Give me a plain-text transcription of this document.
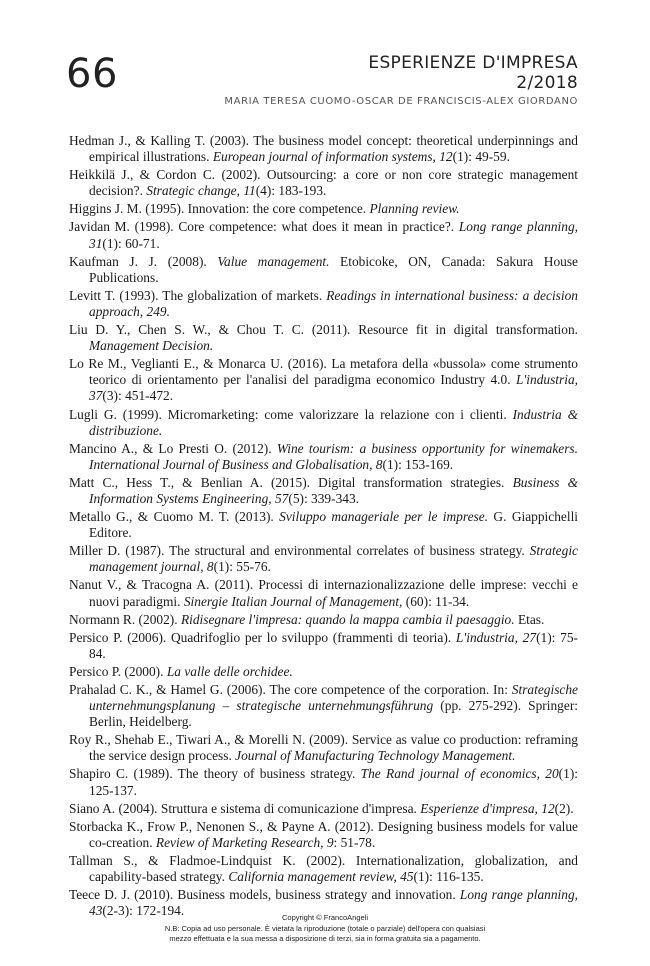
66	ESPERIENZE D'IMPRESA
2/2018
MARIA TERESA CUOMO-OSCAR DE FRANCISCIS-ALEX GIORDANO

Hedman J., & Kalling T. (2003). The business model concept: theoretical underpinnings and empirical illustrations. European journal of information systems, 12(1): 49-59.

Heikkilä J., & Cordon C. (2002). Outsourcing: a core or non core strategic management decision?. Strategic change, 11(4): 183-193.

Higgins J. M. (1995). Innovation: the core competence. Planning review.

Javidan M. (1998). Core competence: what does it mean in practice?. Long range planning, 31(1): 60-71.

Kaufman J. J. (2008). Value management. Etobicoke, ON, Canada: Sakura House Publications.

Levitt T. (1993). The globalization of markets. Readings in international business: a decision approach, 249.

Liu D. Y., Chen S. W., & Chou T. C. (2011). Resource fit in digital transformation. Management Decision.

Lo Re M., Veglianti E., & Monarca U. (2016). La metafora della «bussola» come strumento teorico di orientamento per l'analisi del paradigma economico Industry 4.0. L'industria, 37(3): 451-472.

Lugli G. (1999). Micromarketing: come valorizzare la relazione con i clienti. Industria & distribuzione.

Mancino A., & Lo Presti O. (2012). Wine tourism: a business opportunity for winemakers. International Journal of Business and Globalisation, 8(1): 153-169.

Matt C., Hess T., & Benlian A. (2015). Digital transformation strategies. Business & Information Systems Engineering, 57(5): 339-343.

Metallo G., & Cuomo M. T. (2013). Sviluppo manageriale per le imprese. G. Giappichelli Editore.

Miller D. (1987). The structural and environmental correlates of business strategy. Strategic management journal, 8(1): 55-76.

Nanut V., & Tracogna A. (2011). Processi di internazionalizzazione delle imprese: vecchi e nuovi paradigmi. Sinergie Italian Journal of Management, (60): 11-34.

Normann R. (2002). Ridisegnare l'impresa: quando la mappa cambia il paesaggio. Etas.

Persico P. (2006). Quadrifoglio per lo sviluppo (frammenti di teoria). L'industria, 27(1): 75-84.

Persico P. (2000). La valle delle orchidee.

Prahalad C. K., & Hamel G. (2006). The core competence of the corporation. In: Strategische unternehmungsplanung – strategische unternehmungsführung (pp. 275-292). Springer: Berlin, Heidelberg.

Roy R., Shehab E., Tiwari A., & Morelli N. (2009). Service as value co production: reframing the service design process. Journal of Manufacturing Technology Management.

Shapiro C. (1989). The theory of business strategy. The Rand journal of economics, 20(1): 125-137.

Siano A. (2004). Struttura e sistema di comunicazione d'impresa. Esperienze d'impresa, 12(2).

Storbacka K., Frow P., Nenonen S., & Payne A. (2012). Designing business models for value co-creation. Review of Marketing Research, 9: 51-78.

Tallman S., & Fladmoe-Lindquist K. (2002). Internationalization, globalization, and capability-based strategy. California management review, 45(1): 116-135.

Teece D. J. (2010). Business models, business strategy and innovation. Long range planning, 43(2-3): 172-194.	Copyright © FrancoAngeli
N.B: Copia ad uso personale. È vietata la riproduzione (totale o parziale) dell'opera con qualsiasi
mezzo effettuata e la sua messa a disposizione di terzi, sia in forma gratuita sia a pagamento.
